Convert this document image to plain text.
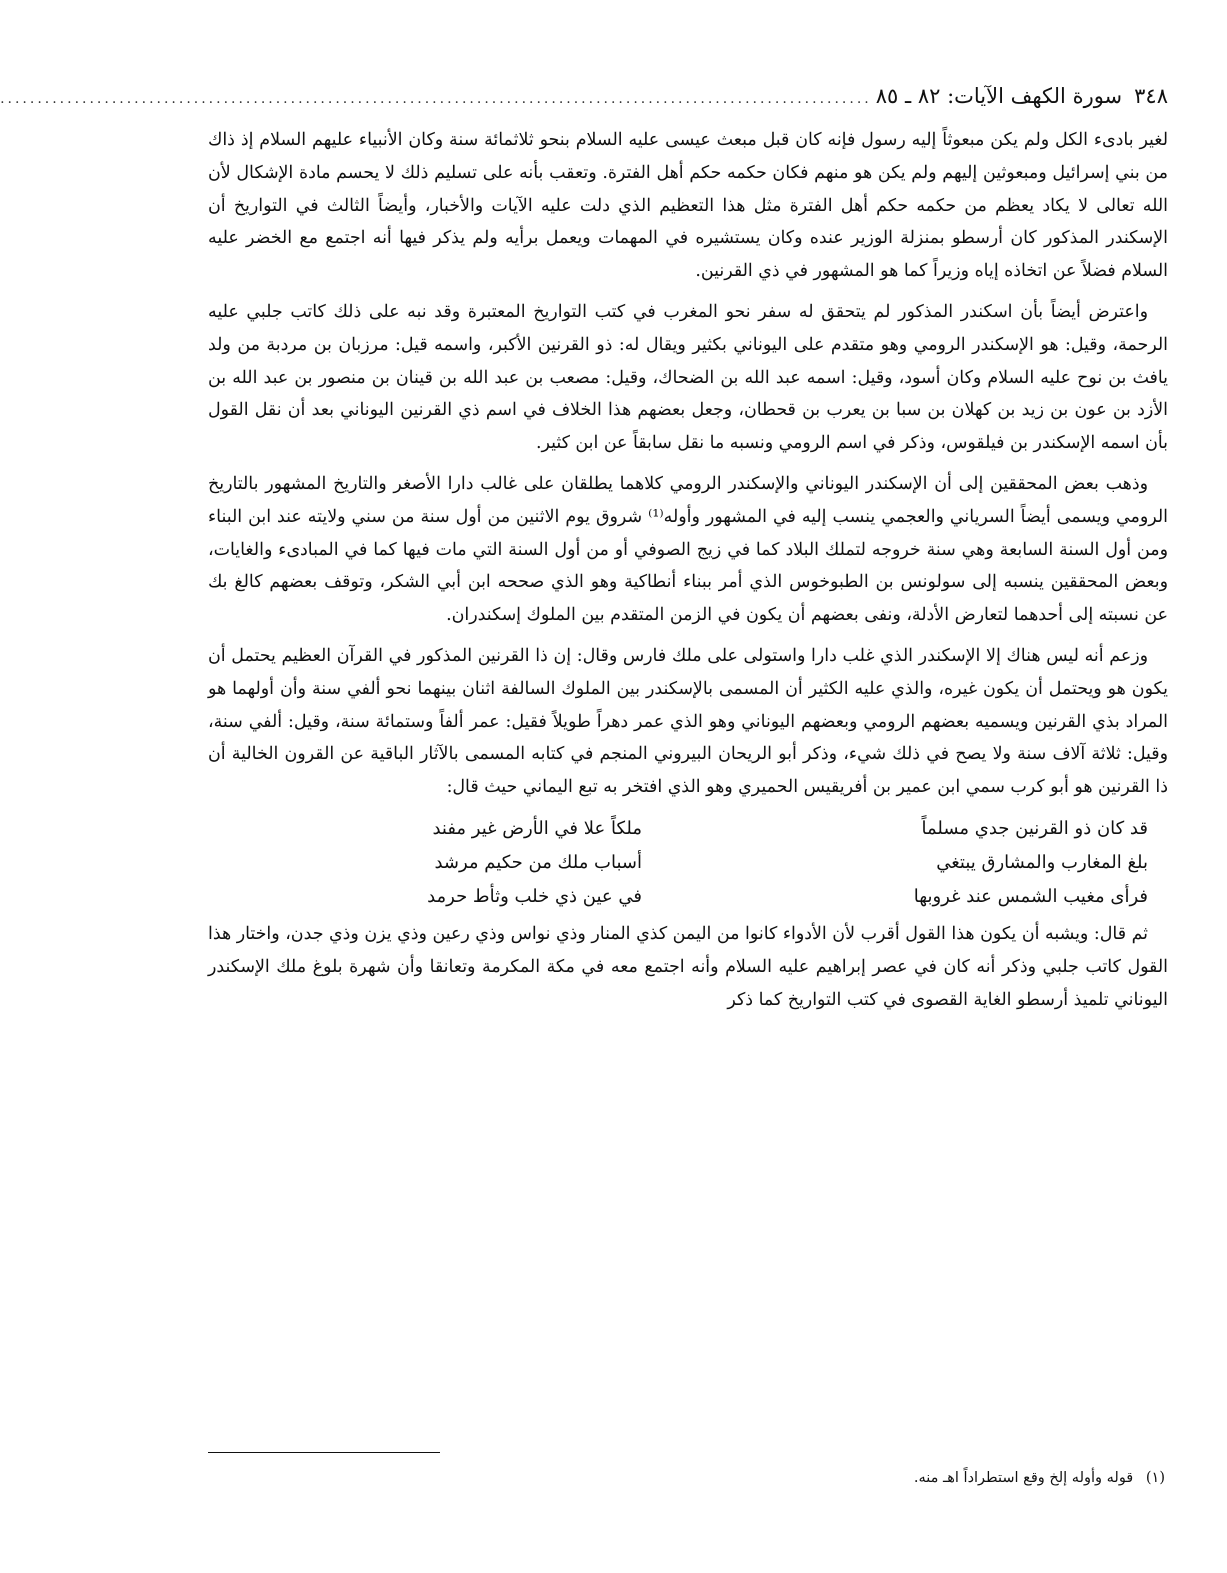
٣٤٨
سورة الكهف الآيات: ٨٢ ـ ٨٥
.....................................................................................................................

لغير بادىء الكل ولم يكن مبعوثاً إليه رسول فإنه كان قبل مبعث عيسى عليه السلام بنحو ثلاثمائة سنة وكان الأنبياء عليهم السلام إذ ذاك من بني إسرائيل ومبعوثين إليهم ولم يكن هو منهم فكان حكمه حكم أهل الفترة. وتعقب بأنه على تسليم ذلك لا يحسم مادة الإشكال لأن الله تعالى لا يكاد يعظم من حكمه حكم أهل الفترة مثل هذا التعظيم الذي دلت عليه الآيات والأخبار، وأيضاً الثالث في التواريخ أن الإسكندر المذكور كان أرسطو بمنزلة الوزير عنده وكان يستشيره في المهمات ويعمل برأيه ولم يذكر فيها أنه اجتمع مع الخضر عليه السلام فضلاً عن اتخاذه إياه وزيراً كما هو المشهور في ذي القرنين.

واعترض أيضاً بأن اسكندر المذكور لم يتحقق له سفر نحو المغرب في كتب التواريخ المعتبرة وقد نبه على ذلك كاتب جلبي عليه الرحمة، وقيل: هو الإسكندر الرومي وهو متقدم على اليوناني بكثير ويقال له: ذو القرنين الأكبر، واسمه قيل: مرزبان بن مردبة من ولد يافث بن نوح عليه السلام وكان أسود، وقيل: اسمه عبد الله بن الضحاك، وقيل: مصعب بن عبد الله بن قينان بن منصور بن عبد الله بن الأزد بن عون بن زيد بن كهلان بن سبا بن يعرب بن قحطان، وجعل بعضهم هذا الخلاف في اسم ذي القرنين اليوناني بعد أن نقل القول بأن اسمه الإسكندر بن فيلقوس، وذكر في اسم الرومي ونسبه ما نقل سابقاً عن ابن كثير.

وذهب بعض المحققين إلى أن الإسكندر اليوناني والإسكندر الرومي كلاهما يطلقان على غالب دارا الأصغر والتاريخ المشهور بالتاريخ الرومي ويسمى أيضاً السرياني والعجمي ينسب إليه في المشهور وأوله⁽¹⁾ شروق يوم الاثنين من أول سنة من سني ولايته عند ابن البناء ومن أول السنة السابعة وهي سنة خروجه لتملك البلاد كما في زيج الصوفي أو من أول السنة التي مات فيها كما في المبادىء والغايات، وبعض المحققين ينسبه إلى سولونس بن الطبوخوس الذي أمر ببناء أنطاكية وهو الذي صححه ابن أبي الشكر، وتوقف بعضهم كالغ بك عن نسبته إلى أحدهما لتعارض الأدلة، ونفى بعضهم أن يكون في الزمن المتقدم بين الملوك إسكندران.

وزعم أنه ليس هناك إلا الإسكندر الذي غلب دارا واستولى على ملك فارس وقال: إن ذا القرنين المذكور في القرآن العظيم يحتمل أن يكون هو ويحتمل أن يكون غيره، والذي عليه الكثير أن المسمى بالإسكندر بين الملوك السالفة اثنان بينهما نحو ألفي سنة وأن أولهما هو المراد بذي القرنين ويسميه بعضهم الرومي وبعضهم اليوناني وهو الذي عمر دهراً طويلاً فقيل: عمر ألفاً وستمائة سنة، وقيل: ألفي سنة، وقيل: ثلاثة آلاف سنة ولا يصح في ذلك شيء، وذكر أبو الريحان البيروني المنجم في كتابه المسمى بالآثار الباقية عن القرون الخالية أن ذا القرنين هو أبو كرب سمي ابن عمير بن أفريقيس الحميري وهو الذي افتخر به تبع اليماني حيث قال:

قد كان ذو القرنين جدي مسلماً
ملكاً علا في الأرض غير مفند
بلغ المغارب والمشارق يبتغي
أسباب ملك من حكيم مرشد
فرأى مغيب الشمس عند غروبها
في عين ذي خلب وثأط حرمد

ثم قال: ويشبه أن يكون هذا القول أقرب لأن الأدواء كانوا من اليمن كذي المنار وذي نواس وذي رعين وذي يزن وذي جدن، واختار هذا القول كاتب جلبي وذكر أنه كان في عصر إبراهيم عليه السلام وأنه اجتمع معه في مكة المكرمة وتعانقا وأن شهرة بلوغ ملك الإسكندر اليوناني تلميذ أرسطو الغاية القصوى في كتب التواريخ كما ذكر

(١) قوله وأوله إلخ وقع استطراداً اهـ منه.
